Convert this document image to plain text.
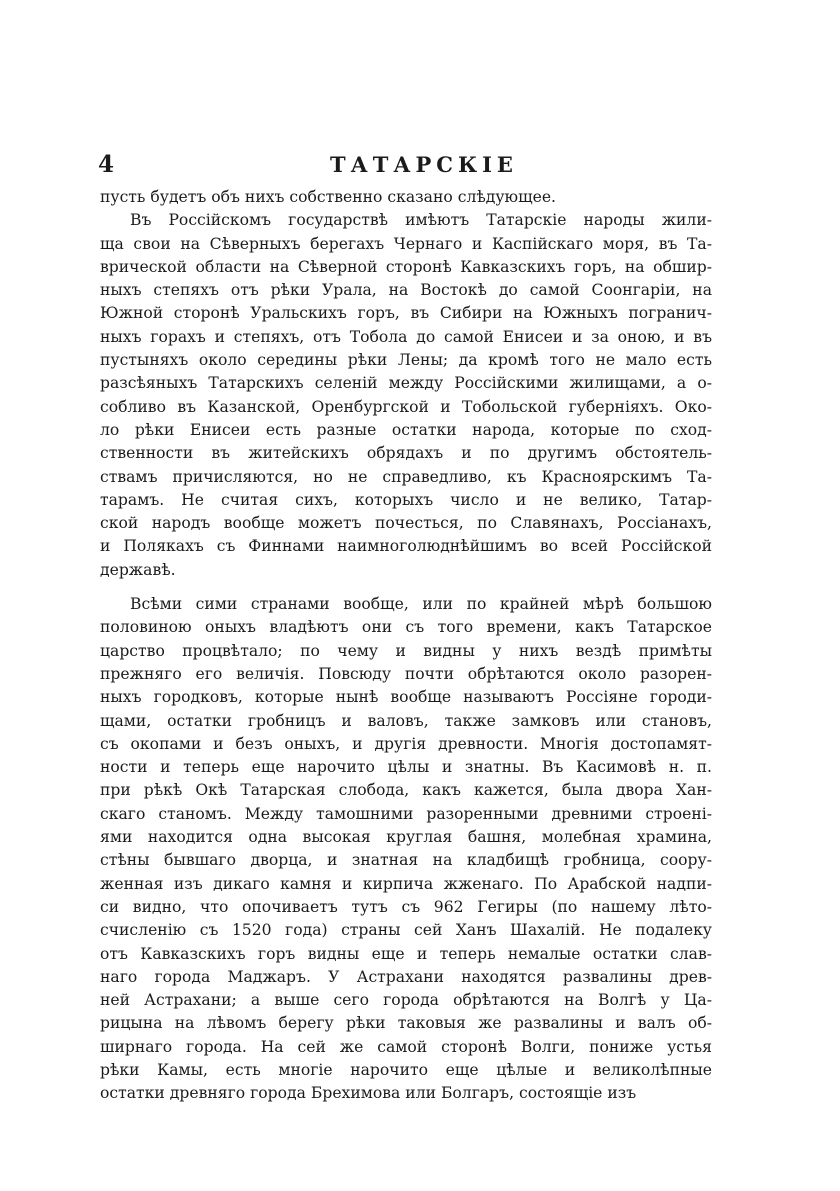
4	ТАТАРСКIЕ
пусть будетъ объ нихъ собственно сказано слѣдующее.
Въ Россiйскомъ государствѣ имѣютъ Татарскiе народы жили-
ща свои на Сѣверныхъ берегахъ Чернаго и Каспiйскаго моря, въ Та-
врической области на Сѣверной сторонѣ Кавказскихъ горъ, на обшир-
ныхъ степяхъ отъ рѣки Урала, на Востокѣ до самой Соонгарiи, на
Южной сторонѣ Уральскихъ горъ, въ Сибири на Южныхъ погранич-
ныхъ горахъ и степяхъ, отъ Тобола до самой Енисеи и за оною, и въ
пустыняхъ около середины рѣки Лены; да кромѣ того не мало есть
разсѣяныхъ Татарскихъ селенiй между Россiйскими жилищами, а о-
собливо въ Казанской, Оренбургской и Тобольской губернiяхъ. Око-
ло рѣки Енисеи есть разные остатки народа, которые по сход-
ственности въ житейскихъ обрядахъ и по другимъ обстоятель-
ствамъ причисляются, но не справедливо, къ Красноярскимъ Та-
тарамъ. Не считая сихъ, которыхъ число и не велико, Татар-
ской народъ вообще можетъ почесться, по Славянахъ, Россiанахъ,
и Полякахъ съ Финнами наимноголюднѣйшимъ во всей Россiйской
державѣ.
Всѣми сими странами вообще, или по крайней мѣрѣ большою
половиною оныхъ владѣютъ они съ того времени, какъ Татарское
царство процвѣтало; по чему и видны у нихъ вездѣ примѣты
прежняго его величiя. Повсюду почти обрѣтаются около разорен-
ныхъ городковъ, которые нынѣ вообще называютъ Россiяне городи-
щами, остатки гробницъ и валовъ, также замковъ или становъ,
съ окопами и безъ оныхъ, и другiя древности. Многiя достопамят-
ности и теперь еще нарочито цѣлы и знатны. Въ Касимовѣ н. п.
при рѣкѣ Окѣ Татарская слобода, какъ кажется, была двора Хан-
скаго станомъ. Между тамошними разоренными древними строенi-
ями находится одна высокая круглая башня, молебная храмина,
стѣны бывшаго дворца, и знатная на кладбищѣ гробница, соору-
женная изъ дикаго камня и кирпича жженаго. По Арабской надпи-
си видно, что опочиваетъ тутъ съ 962 Гегиры (по нашему лѣто-
счисленiю съ 1520 года) страны сей Ханъ Шахалiй. Не подалеку
отъ Кавказскихъ горъ видны еще и теперь немалые остатки слав-
наго города Маджаръ. У Астрахани находятся развалины древ-
ней Астрахани; а выше сего города обрѣтаются на Волгѣ у Ца-
рицына на лѣвомъ берегу рѣки таковыя же развалины и валъ об-
ширнаго города. На сей же самой сторонѣ Волги, пониже устья
рѣки Камы, есть многiе нарочито еще цѣлые и великолѣпные
остатки древняго города Брехимова или Болгаръ, состоящiе изъ
